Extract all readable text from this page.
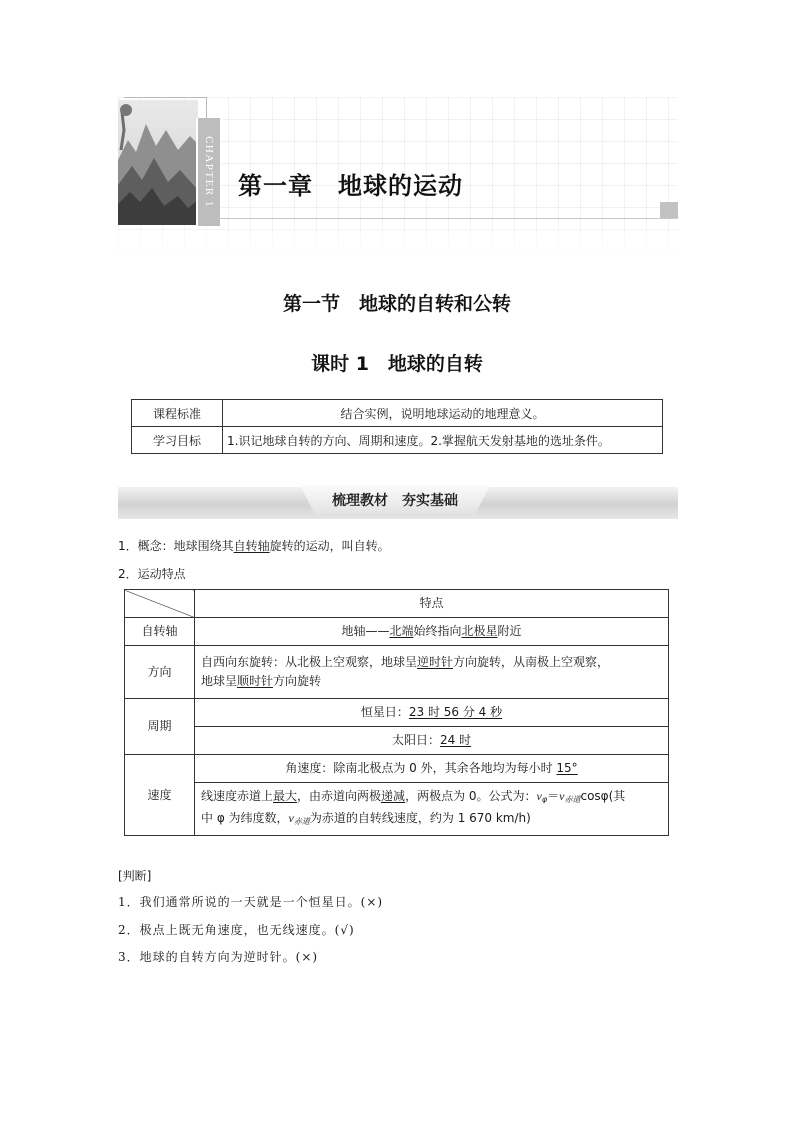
CHAPTER 1 第一章　地球的运动
第一节　地球的自转和公转
课时 1　地球的自转
课程标准	结合实例，说明地球运动的地理意义。
学习目标	1.识记地球自转的方向、周期和速度。2.掌握航天发射基地的选址条件。
梳理教材　夯实基础
1．概念：地球围绕其自转轴旋转的运动，叫自转。
2．运动特点
	特点
自转轴	地轴——北端始终指向北极星附近
方向	自西向东旋转：从北极上空观察，地球呈逆时针方向旋转，从南极上空观察，
地球呈顺时针方向旋转
周期	恒星日：23 时 56 分 4 秒
	太阳日：24 时
速度	角速度：除南北极点为 0 外，其余各地均为每小时 15°
	线速度赤道上最大，由赤道向两极递减，两极点为 0。公式为：$v_\varphi=v_{赤道}\cos\varphi$(其
中 φ 为纬度数，$v_{赤道}$为赤道的自转线速度，约为 1 670 km/h)
[判断]
1．我们通常所说的一天就是一个恒星日。(×)
2．极点上既无角速度，也无线速度。(√)
3．地球的自转方向为逆时针。(×)
